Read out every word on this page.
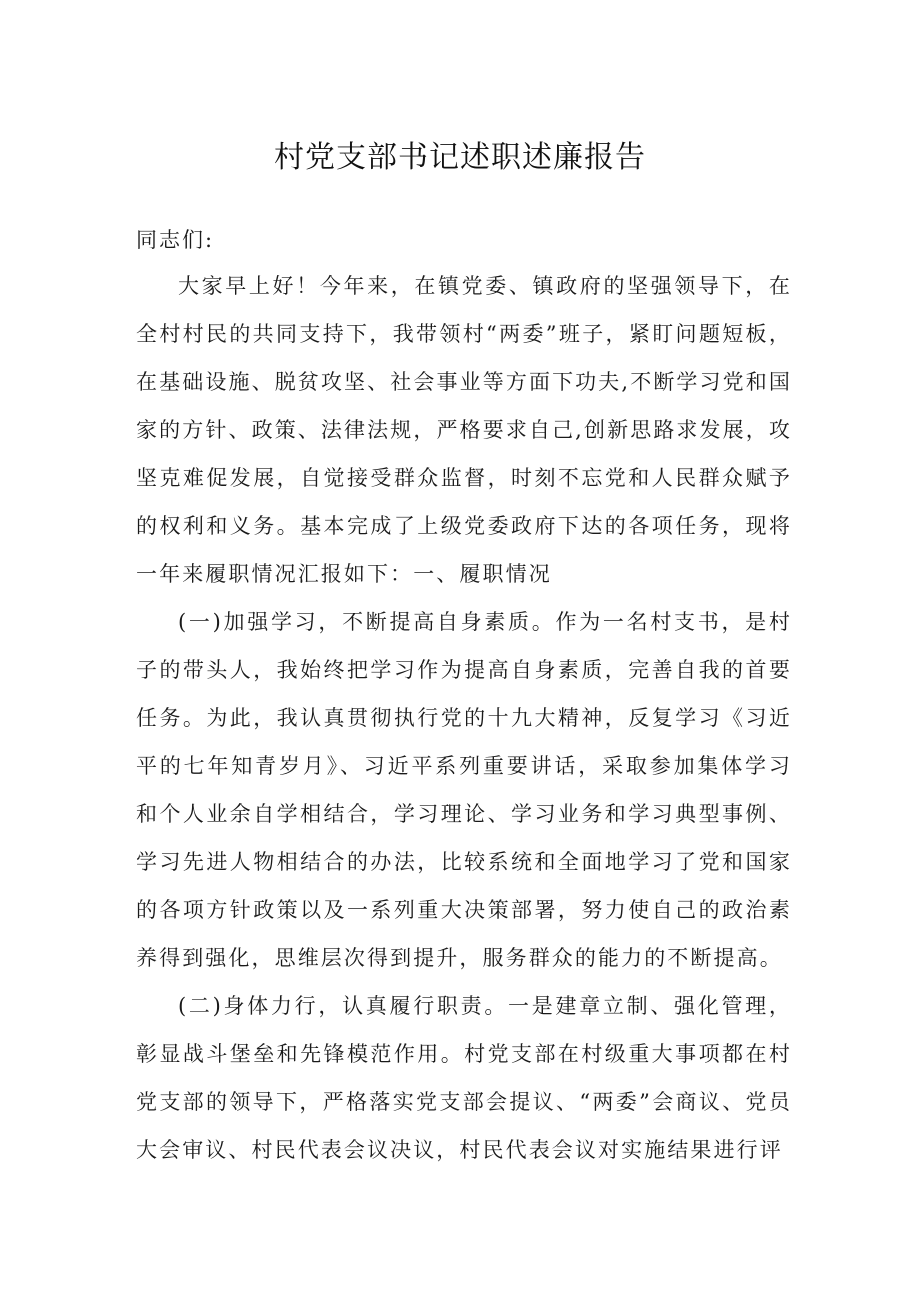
村党支部书记述职述廉报告
同志们:

大家早上好！今年来，在镇党委、镇政府的坚强领导下，在全村村民的共同支持下，我带领村“两委”班子，紧盯问题短板，在基础设施、脱贫攻坚、社会事业等方面下功夫,不断学习党和国家的方针、政策、法律法规，严格要求自己,创新思路求发展，攻坚克难促发展，自觉接受群众监督，时刻不忘党和人民群众赋予的权利和义务。基本完成了上级党委政府下达的各项任务，现将一年来履职情况汇报如下：一、履职情况

(一)加强学习，不断提高自身素质。作为一名村支书，是村子的带头人，我始终把学习作为提高自身素质，完善自我的首要任务。为此，我认真贯彻执行党的十九大精神，反复学习《习近平的七年知青岁月》、习近平系列重要讲话，采取参加集体学习和个人业余自学相结合，学习理论、学习业务和学习典型事例、学习先进人物相结合的办法，比较系统和全面地学习了党和国家的各项方针政策以及一系列重大决策部署，努力使自己的政治素养得到强化，思维层次得到提升，服务群众的能力的不断提高。

(二)身体力行，认真履行职责。一是建章立制、强化管理，彰显战斗堡垒和先锋模范作用。村党支部在村级重大事项都在村党支部的领导下，严格落实党支部会提议、“两委”会商议、党员大会审议、村民代表会议决议，村民代表会议对实施结果进行评
